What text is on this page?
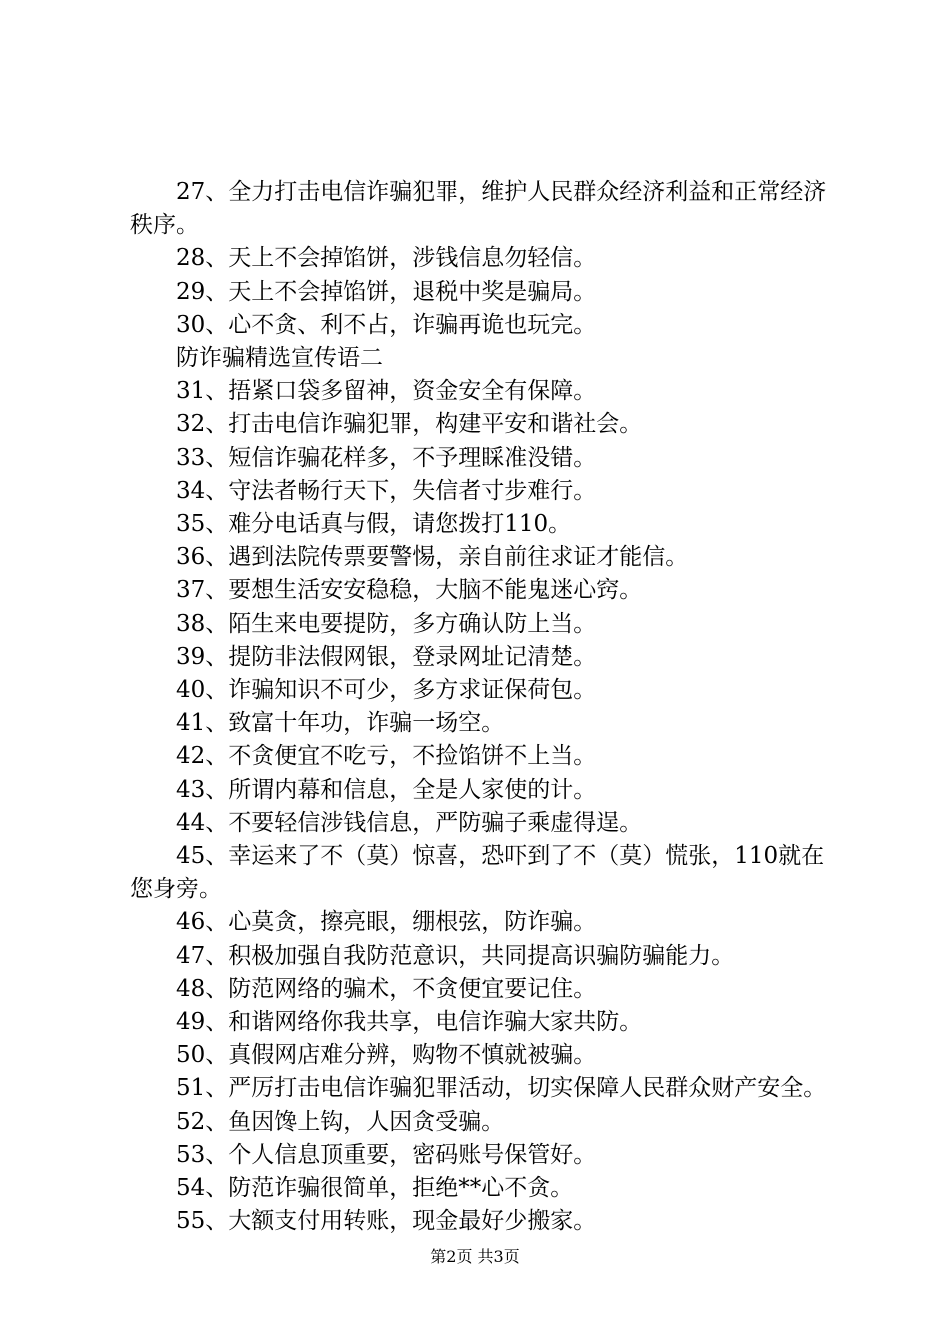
27、全力打击电信诈骗犯罪，维护人民群众经济利益和正常经济秩序。

28、天上不会掉馅饼，涉钱信息勿轻信。

29、天上不会掉馅饼，退税中奖是骗局。

30、心不贪、利不占，诈骗再诡也玩完。

防诈骗精选宣传语二

31、捂紧口袋多留神，资金安全有保障。

32、打击电信诈骗犯罪，构建平安和谐社会。

33、短信诈骗花样多，不予理睬准没错。

34、守法者畅行天下，失信者寸步难行。

35、难分电话真与假，请您拨打110。

36、遇到法院传票要警惕，亲自前往求证才能信。

37、要想生活安安稳稳，大脑不能鬼迷心窍。

38、陌生来电要提防，多方确认防上当。

39、提防非法假网银，登录网址记清楚。

40、诈骗知识不可少，多方求证保荷包。

41、致富十年功，诈骗一场空。

42、不贪便宜不吃亏，不捡馅饼不上当。

43、所谓内幕和信息，全是人家使的计。

44、不要轻信涉钱信息，严防骗子乘虚得逞。

45、幸运来了不（莫）惊喜，恐吓到了不（莫）慌张，110就在您身旁。

46、心莫贪，擦亮眼，绷根弦，防诈骗。

47、积极加强自我防范意识，共同提高识骗防骗能力。

48、防范网络的骗术，不贪便宜要记住。

49、和谐网络你我共享，电信诈骗大家共防。

50、真假网店难分辨，购物不慎就被骗。

51、严厉打击电信诈骗犯罪活动，切实保障人民群众财产安全。

52、鱼因馋上钩，人因贪受骗。

53、个人信息顶重要，密码账号保管好。

54、防范诈骗很简单，拒绝**心不贪。

55、大额支付用转账，现金最好少搬家。

第2页 共3页
